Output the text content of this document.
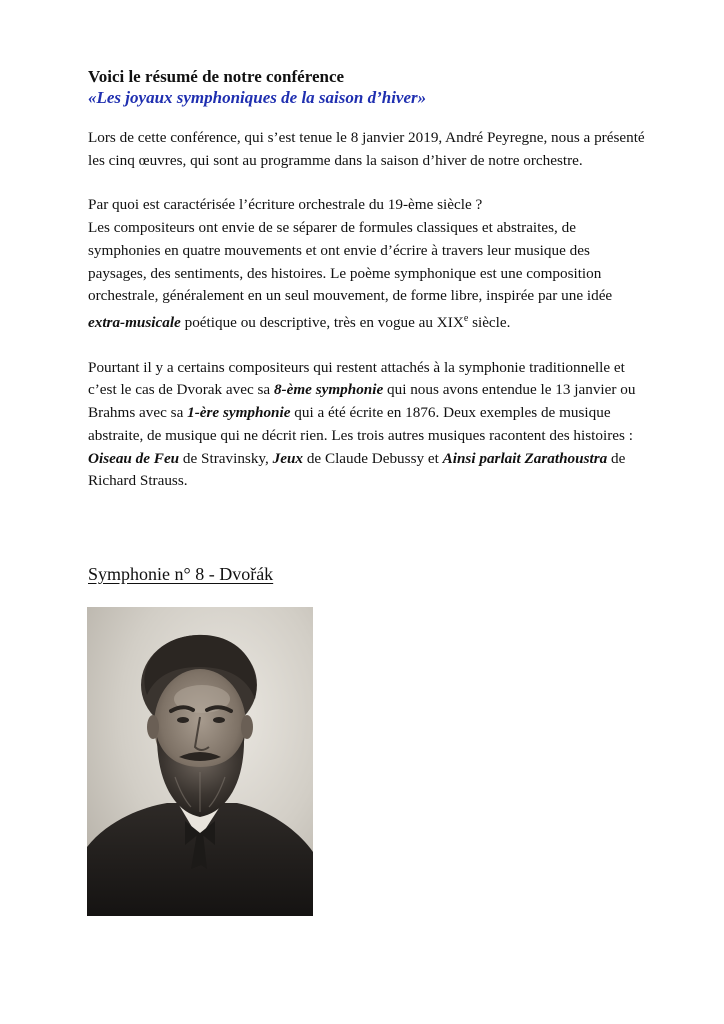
Voici le résumé de notre conférence

«Les joyaux symphoniques de la saison d’hiver»

Lors de cette conférence, qui s’est tenue le 8 janvier 2019, André Peyregne, nous a présenté les cinq œuvres, qui sont au programme dans la saison d’hiver de notre orchestre.

Par quoi est caractérisée l’écriture orchestrale du 19-ème siècle ?
Les compositeurs ont envie de se séparer de formules classiques et abstraites, de symphonies en quatre mouvements et ont envie d’écrire à travers leur musique des paysages, des sentiments, des histoires. Le poème symphonique est une composition orchestrale, généralement en un seul mouvement, de forme libre, inspirée par une idée extra-musicale poétique ou descriptive, très en vogue au XIXe siècle.

Pourtant il y a certains compositeurs qui restent attachés à la symphonie traditionnelle et c’est le cas de Dvorak avec sa 8-ème symphonie qui nous avons entendue le 13 janvier ou Brahms avec sa 1-ère symphonie qui a été écrite en 1876. Deux exemples de musique abstraite, de musique qui ne décrit rien. Les trois autres musiques racontent des histoires : Oiseau de Feu de Stravinsky, Jeux de Claude Debussy et Ainsi parlait Zarathoustra de Richard Strauss.

Symphonie n° 8 - Dvořák
